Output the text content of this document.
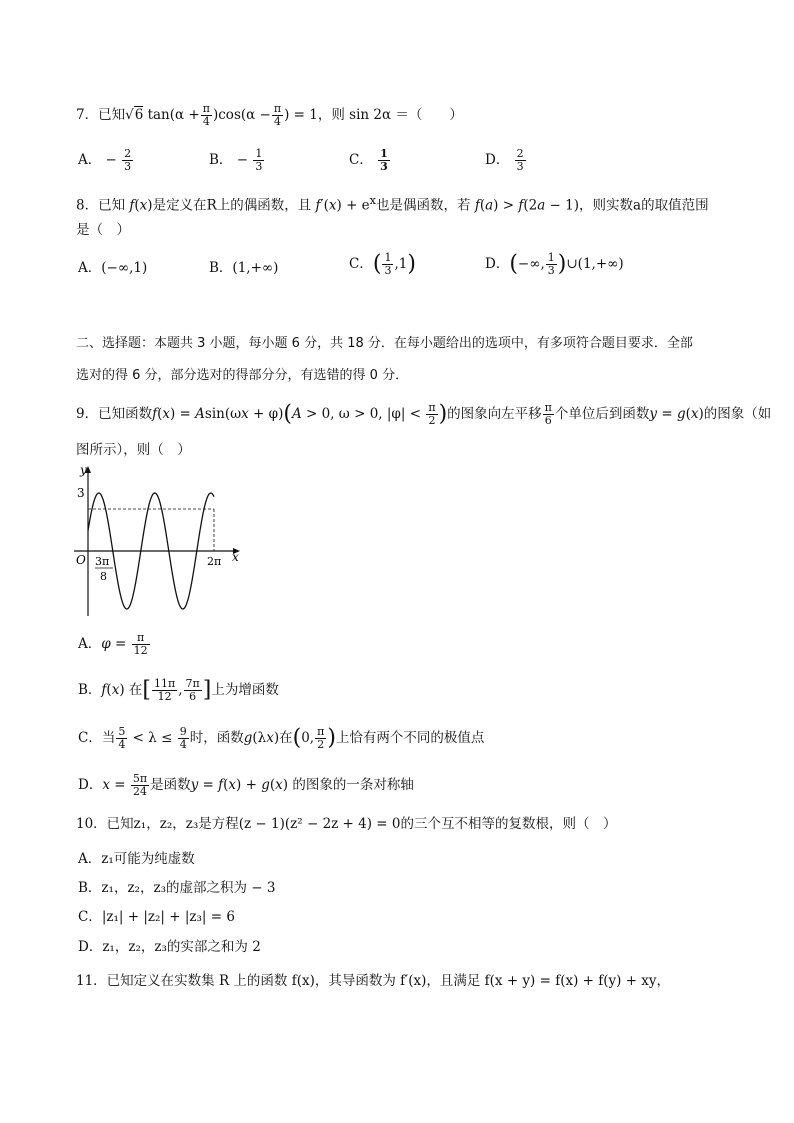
7．已知√6 $\tan(\alpha + \frac{\pi}{4} )\cos(\alpha - \frac{\pi}{4}$ ) = 1，则 sin 2α ＝（　　）
A． − $\frac{2}{3}$	B． − $\frac{1}{3}$	C． $\frac{1}{3}$	D． $\frac{2}{3}$
8．已知 f(x)是定义在R上的偶函数，且 $f'(x) + e^x$也是偶函数，若 f(a) > f(2a − 1)，则实数a的取值范围
是（　）
A．(−∞,1)	B．(1,+∞)	C．( $\frac{1}{3} ,1$)	D．(−∞, $\frac{1}{3}$ )∪(1,+∞)
二、选择题：本题共 3 小题，每小题 6 分，共 18 分．在每小题给出的选项中，有多项符合题目要求．全部
选对的得 6 分，部分选对的得部分分，有选错的得 0 分．
9．已知函数f(x) = Asin(ωx + φ)(A > 0, ω > 0, $|\varphi| < \frac{\pi}{2}$ )的图象向左平移 $\frac{\pi}{6}$ 个单位后到函数y = g(x)的图象（如
图所示），则（　）
y
x
O
3
3π
8
2π
A．$\varphi = \frac{\pi}{12}$
B．f(x) 在[ $\frac{11\pi}{12}$ , $\frac{7\pi}{6}$ ]上为增函数
C．当 $\frac{5}{4} < \lambda \le \frac{9}{4}$ 时，函数g(λx)在(0, $\frac{\pi}{2}$ )上恰有两个不同的极值点
D．$x = \frac{5\pi}{24}$ 是函数y = f(x) + g(x) 的图象的一条对称轴
10．已知z₁，z₂，z₃是方程(z − 1)(z² − 2z + 4) = 0的三个互不相等的复数根，则（　）
A．z₁可能为纯虚数
B．z₁，z₂，z₃的虚部之积为 − 3
C．|z₁| + |z₂| + |z₃| = 6
D．z₁，z₂，z₃的实部之和为 2
11．已知定义在实数集 R 上的函数 f(x)，其导函数为 f′(x)，且满足 f(x + y) = f(x) + f(y) + xy，
